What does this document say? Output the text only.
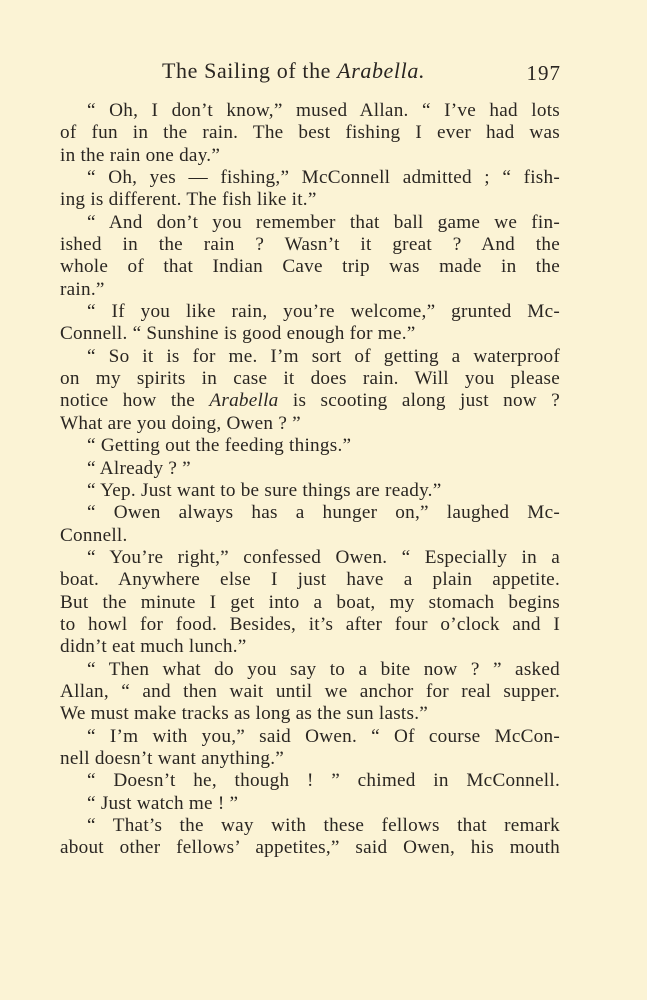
The Sailing of the Arabella.	197
“ Oh, I don’t know,” mused Allan. “ I’ve had lots
of fun in the rain. The best fishing I ever had was
in the rain one day.”
“ Oh, yes — fishing,” McConnell admitted ; “ fish-
ing is different. The fish like it.”
“ And don’t you remember that ball game we fin-
ished in the rain ? Wasn’t it great ? And the
whole of that Indian Cave trip was made in the
rain.”
“ If you like rain, you’re welcome,” grunted Mc-
Connell. “ Sunshine is good enough for me.”
“ So it is for me. I’m sort of getting a waterproof
on my spirits in case it does rain. Will you please
notice how the Arabella is scooting along just now ?
What are you doing, Owen ? ”
“ Getting out the feeding things.”
“ Already ? ”
“ Yep. Just want to be sure things are ready.”
“ Owen always has a hunger on,” laughed Mc-
Connell.
“ You’re right,” confessed Owen. “ Especially in a
boat. Anywhere else I just have a plain appetite.
But the minute I get into a boat, my stomach begins
to howl for food. Besides, it’s after four o’clock and I
didn’t eat much lunch.”
“ Then what do you say to a bite now ? ” asked
Allan, “ and then wait until we anchor for real supper.
We must make tracks as long as the sun lasts.”
“ I’m with you,” said Owen. “ Of course McCon-
nell doesn’t want anything.”
“ Doesn’t he, though ! ” chimed in McConnell.
“ Just watch me ! ”
“ That’s the way with these fellows that remark
about other fellows’ appetites,” said Owen, his mouth
